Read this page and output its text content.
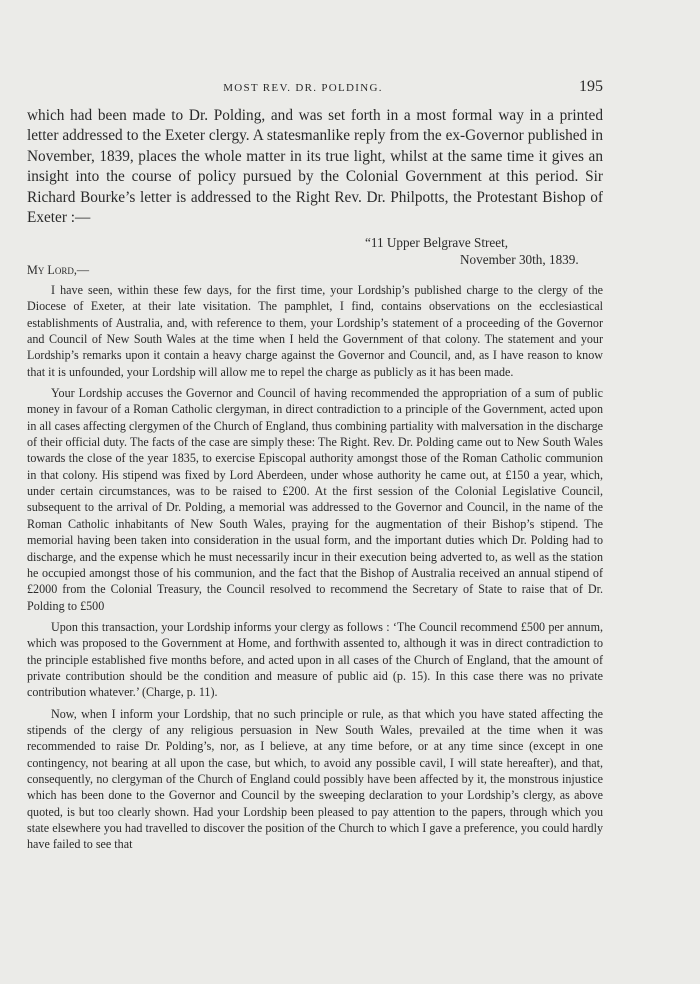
MOST REV. DR. POLDING.	195

which had been made to Dr. Polding, and was set forth in a most formal way in a printed letter addressed to the Exeter clergy. A statesmanlike reply from the ex-Governor published in November, 1839, places the whole matter in its true light, whilst at the same time it gives an insight into the course of policy pursued by the Colonial Government at this period. Sir Richard Bourke’s letter is addressed to the Right Rev. Dr. Philpotts, the Protestant Bishop of Exeter :—

“11 Upper Belgrave Street,
November 30th, 1839.
My Lord,—

I have seen, within these few days, for the first time, your Lordship’s published charge to the clergy of the Diocese of Exeter, at their late visitation. The pamphlet, I find, contains observations on the ecclesiastical establishments of Australia, and, with reference to them, your Lordship’s statement of a proceeding of the Governor and Council of New South Wales at the time when I held the Government of that colony. The statement and your Lordship’s remarks upon it contain a heavy charge against the Governor and Council, and, as I have reason to know that it is unfounded, your Lordship will allow me to repel the charge as publicly as it has been made.

Your Lordship accuses the Governor and Council of having recommended the appropriation of a sum of public money in favour of a Roman Catholic clergyman, in direct contradiction to a principle of the Government, acted upon in all cases affecting clergymen of the Church of England, thus combining partiality with malversation in the discharge of their official duty. The facts of the case are simply these: The Right. Rev. Dr. Polding came out to New South Wales towards the close of the year 1835, to exercise Episcopal authority amongst those of the Roman Catholic communion in that colony. His stipend was fixed by Lord Aberdeen, under whose authority he came out, at £150 a year, which, under certain circumstances, was to be raised to £200. At the first session of the Colonial Legislative Council, subsequent to the arrival of Dr. Polding, a memorial was addressed to the Governor and Council, in the name of the Roman Catholic inhabitants of New South Wales, praying for the augmentation of their Bishop’s stipend. The memorial having been taken into consideration in the usual form, and the important duties which Dr. Polding had to discharge, and the expense which he must necessarily incur in their execution being adverted to, as well as the station he occupied amongst those of his communion, and the fact that the Bishop of Australia received an annual stipend of £2000 from the Colonial Treasury, the Council resolved to recommend the Secretary of State to raise that of Dr. Polding to £500

Upon this transaction, your Lordship informs your clergy as follows : ‘The Council recommend £500 per annum, which was proposed to the Government at Home, and forthwith assented to, although it was in direct contradiction to the principle established five months before, and acted upon in all cases of the Church of England, that the amount of private contribution should be the condition and measure of public aid (p. 15). In this case there was no private contribution whatever.’ (Charge, p. 11).

Now, when I inform your Lordship, that no such principle or rule, as that which you have stated affecting the stipends of the clergy of any religious persuasion in New South Wales, prevailed at the time when it was recommended to raise Dr. Polding’s, nor, as I believe, at any time before, or at any time since (except in one contingency, not bearing at all upon the case, but which, to avoid any possible cavil, I will state hereafter), and that, consequently, no clergyman of the Church of England could possibly have been affected by it, the monstrous injustice which has been done to the Governor and Council by the sweeping declaration to your Lordship’s clergy, as above quoted, is but too clearly shown. Had your Lordship been pleased to pay attention to the papers, through which you state elsewhere you had travelled to discover the position of the Church to which I gave a preference, you could hardly have failed to see that
